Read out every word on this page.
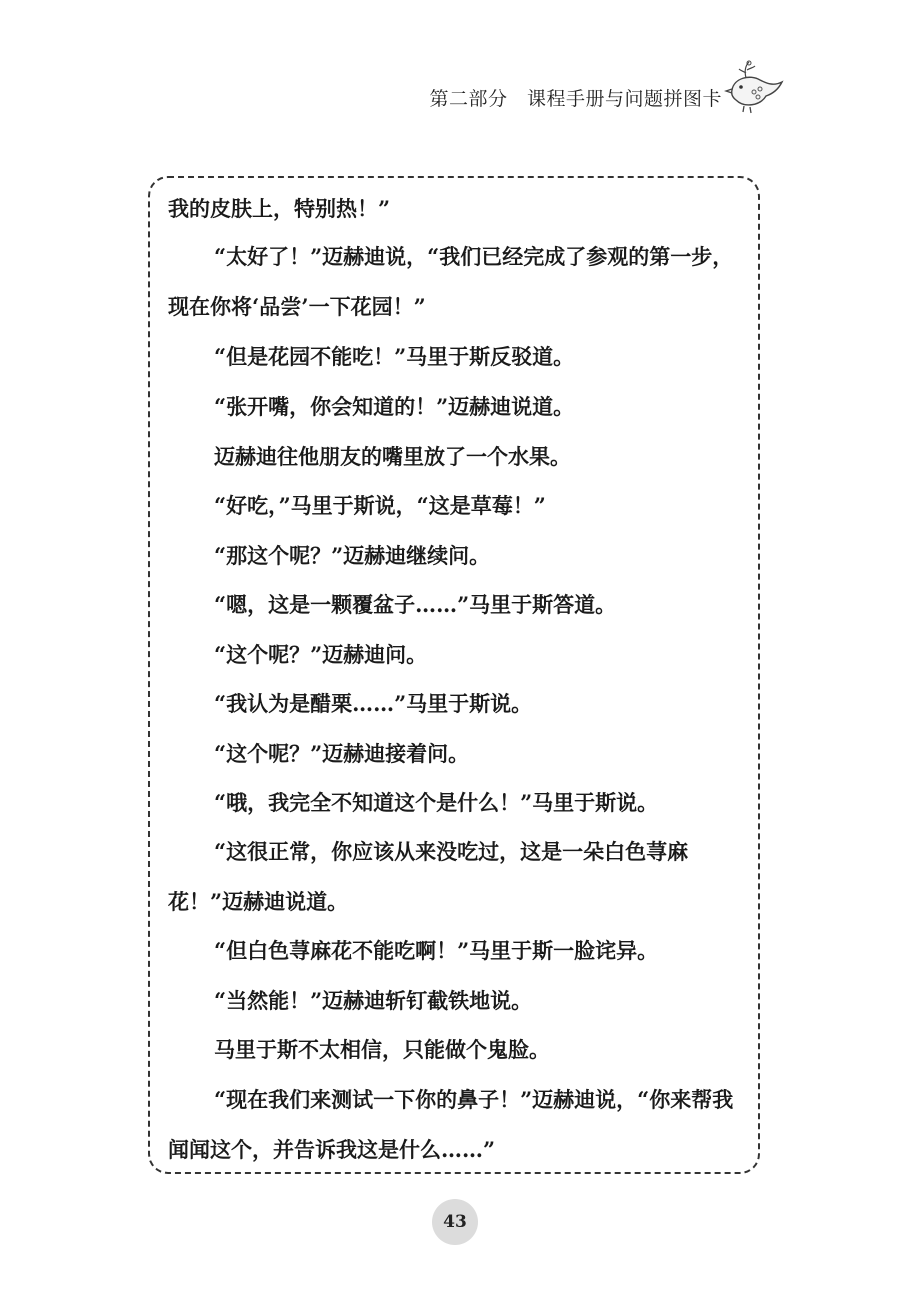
第二部分　课程手册与问题拼图卡

我的皮肤上，特别热！”

“太好了！”迈赫迪说，“我们已经完成了参观的第一步，现在你将‘品尝’一下花园！”

“但是花园不能吃！”马里于斯反驳道。

“张开嘴，你会知道的！”迈赫迪说道。

迈赫迪往他朋友的嘴里放了一个水果。

“好吃，”马里于斯说，“这是草莓！”

“那这个呢？”迈赫迪继续问。

“嗯，这是一颗覆盆子……”马里于斯答道。

“这个呢？”迈赫迪问。

“我认为是醋栗……”马里于斯说。

“这个呢？”迈赫迪接着问。

“哦，我完全不知道这个是什么！”马里于斯说。

“这很正常，你应该从来没吃过，这是一朵白色荨麻花！”迈赫迪说道。

“但白色荨麻花不能吃啊！”马里于斯一脸诧异。

“当然能！”迈赫迪斩钉截铁地说。

马里于斯不太相信，只能做个鬼脸。

“现在我们来测试一下你的鼻子！”迈赫迪说，“你来帮我闻闻这个，并告诉我这是什么……”

43
